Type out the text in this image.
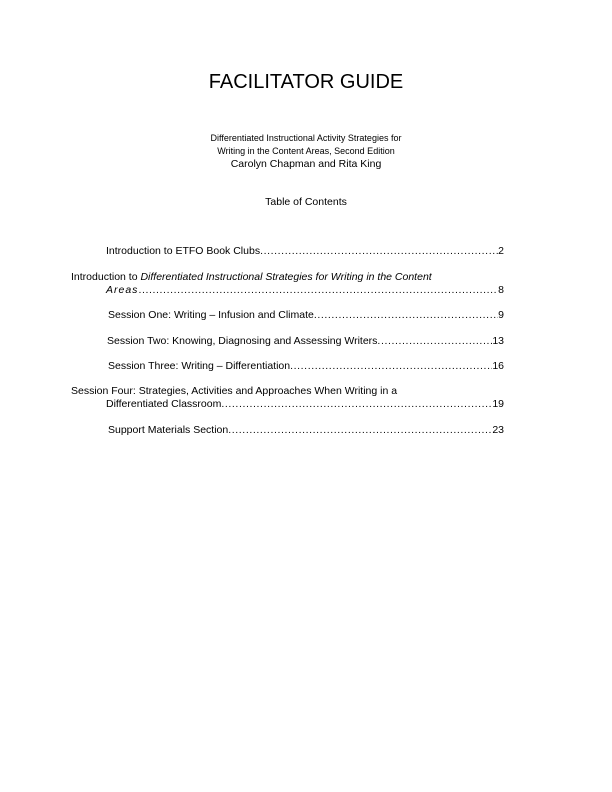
FACILITATOR GUIDE
Differentiated Instructional Activity Strategies for
Writing in the Content Areas, Second Edition
Carolyn Chapman and Rita King
Table of Contents
Introduction to ETFO Book Clubs .....	2
Introduction to Differentiated Instructional Strategies for Writing in the Content
Areas .....	8
Session One: Writing – Infusion and Climate .....	9
Session Two: Knowing, Diagnosing and Assessing Writers .....	13
Session Three: Writing – Differentiation .....	16
Session Four: Strategies, Activities and Approaches When Writing in a
Differentiated Classroom .....	19
Support Materials Section .....	23
